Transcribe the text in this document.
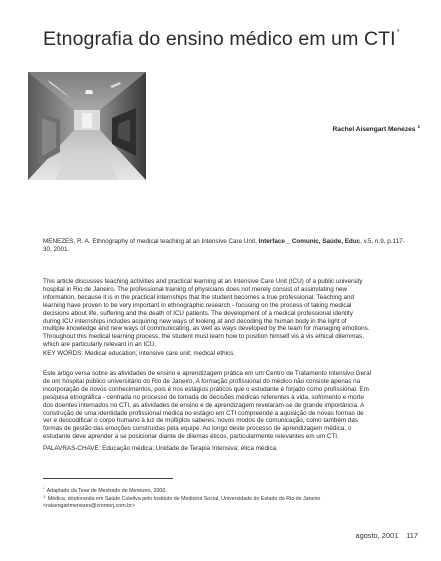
Etnografia do ensino médico em um CTI*
Rachel Aisengart Menezes $^1$
MENEZES, R. A. Ethnography of medical teaching at an Intensive Care Unit, Interface _ Comunic, Saúde, Educ, v.5, n.9, p.117-30, 2001.
This article discusses teaching activities and practical learning at an Intensive Care Unit (ICU) of a public university
hospital in Rio de Janeiro. The professional training of physicians does not merely consist of assimilating new
information, because it is in the practical internships that the student becomes a true professional. Teaching and
learning have proven to be very important in ethnographic research - focusing on the process of taking medical
decisions about life, suffering and the death of ICU patients. The development of a medical professional identity
during ICU internships includes acquiring new ways of looking at and decoding the human body in the light of
multiple knowledge and new ways of communicating, as well as ways developed by the team for managing emotions.
Throughout this medical learning process, the student must learn how to position himself vis à vis ethical dilemmas,
which are particularly relevant in an ICU.
KEY WORDS: Medical education; intensive care unit; medical ethics.
Este artigo versa sobre as atividades de ensino e aprendizagem prática em um Centro de Tratamento Intensivo Geral
de um hospital público universitário do Rio de Janeiro. A formação profissional do médico não consiste apenas na
incorporação de novos conhecimentos, pois é nos estágios práticos que o estudante é forjado como profissional. Em
pesquisa etnográfica - centrada no processo de tomada de decisões médicas referentes à vida, sofrimento e morte
dos doentes internados no CTI, as atividades de ensino e de aprendizagem revelaram-se de grande importância. A
construção de uma identidade profissional médica no estágio em CTI compreende a aquisição de novas formas de
ver e descodificar o corpo humano à luz de múltiplos saberes, novos modos de comunicação, como também das
formas de gestão das emoções construídas pela equipe. Ao longo deste processo de aprendizagem médica, o
estudante deve aprender a se posicionar diante de dilemas éticos, particularmente relevantes em um CTI.
PALAVRAS-CHAVE: Educação médica; Unidade de Terapia Intensiva; ética médica.
* Adaptado da Tese de Mestrado de Menezes, 2000.
$^1$ Médica, doutoranda em Saúde Coletiva pelo Instituto de Medicina Social, Universidade do Estado do Rio de Janeiro
<raisengartmenezes@cremerj.com.br>
agosto, 2001 117
